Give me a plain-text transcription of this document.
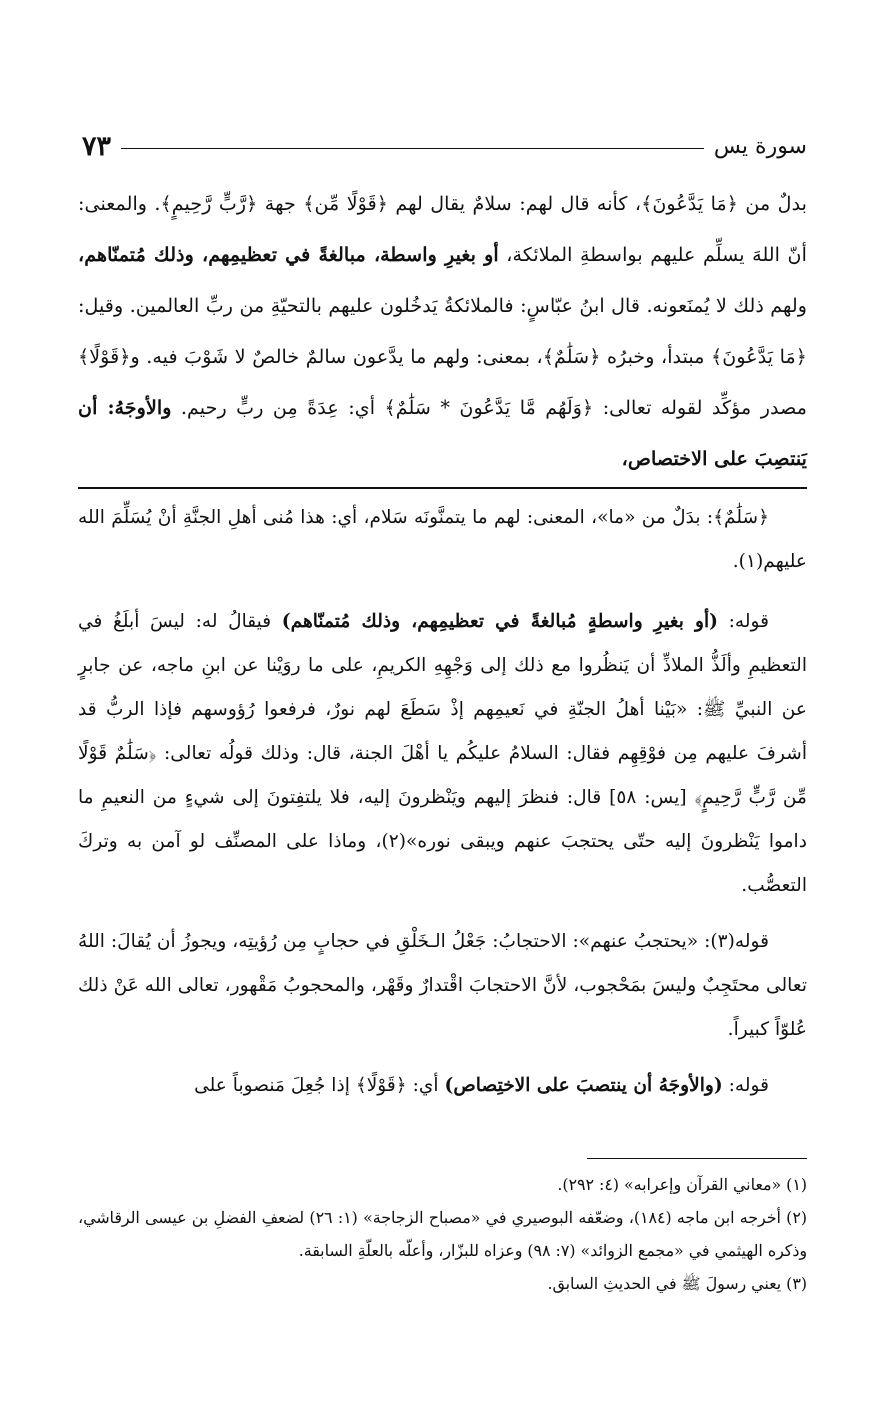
سورة يس
٧٣
بدلٌ من ﴿مَا يَدَّعُونَ﴾، كأنه قال لهم: سلامٌ يقال لهم ﴿قَوْلًا مِّن﴾ جهة ﴿رَّبٍّ رَّحِيمٍ﴾. والمعنى: أنّ اللهَ يسلِّم عليهم بواسطةِ الملائكة، أو بغيرِ واسطة، مبالغةً في تعظيمِهم، وذلك مُتمنّاهم، ولهم ذلك لا يُمنَعونه. قال ابنُ عبّاسٍ: فالملائكةُ يَدخُلون عليهم بالتحيّةِ من ربِّ العالمين. وقيل: ﴿مَا يَدَّعُونَ﴾ مبتدأ، وخبرُه ﴿سَلَٰمٌ﴾، بمعنى: ولهم ما يدَّعون سالمٌ خالصٌ لا شَوْبَ فيه. و﴿قَوْلًا﴾ مصدر مؤكِّد لقوله تعالى: ﴿وَلَهُم مَّا يَدَّعُونَ * سَلَٰمٌ﴾ أي: عِدَةً مِن ربٍّ رحيم. والأوجَهُ: أن يَنتصِبَ على الاختصاص،

﴿سَلَٰمٌ﴾: بدَلٌ من «ما»، المعنى: لهم ما يتمنَّونَه سَلام، أي: هذا مُنى أهلِ الجنَّةِ أنْ يُسَلِّمَ الله عليهم(١).

قوله: (أو بغيرِ واسطةٍ مُبالغةً في تعظيمِهم، وذلك مُتمنّاهم) فيقالُ له: ليسَ أبلَغُ في التعظيمِ وألَذُّ الملاذِّ أن يَنظُروا مع ذلك إلى وَجْهِهِ الكريمِ، على ما روَيْنا عن ابنِ ماجه، عن جابرٍ عن النبيِّ ﷺ: «بَيْنا أهلُ الجنّةِ في نَعيمِهم إذْ سَطَعَ لهم نورٌ، فرفعوا رُؤوسهم فإذا الربُّ قد أشرفَ عليهم مِن فوْقِهِم فقال: السلامُ عليكُم يا أهْلَ الجنة، قال: وذلك قولُه تعالى: ﴿سَلَٰمٌ قَوْلًا مِّن رَّبٍّ رَّحِيمٍ﴾ [يس: ٥٨] قال: فنظرَ إليهم ويَنْظرونَ إليه، فلا يلتفِتونَ إلى شيءٍ من النعيمِ ما داموا يَنْظرونَ إليه حتّى يحتجبَ عنهم ويبقى نوره»(٢)، وماذا على المصنِّف لو آمن به وتركَ التعصُّب.

قوله(٣): «يحتجبُ عنهم»: الاحتجابُ: جَعْلُ الـخَلْقِ في حجابٍ مِن رُؤيتِه، ويجوزُ أن يُقالَ: اللهُ تعالى محتَجِبٌ وليسَ بمَحْجوب، لأنَّ الاحتجابَ اقْتدارٌ وقَهْر، والمحجوبُ مَقْهور، تعالى الله عَنْ ذلك عُلوّاً كبيراً.

قوله: (والأوجَهُ أن ينتصبَ على الاختِصاص) أي: ﴿قَوْلًا﴾ إذا جُعِلَ مَنصوباً على

(١) «معاني القرآن وإعرابه» (٤: ٢٩٢).

(٢) أخرجه ابن ماجه (١٨٤)، وضعّفه البوصيري في «مصباح الزجاجة» (١: ٢٦) لضعفِ الفضلِ بن عيسى الرقاشي، وذكره الهيثمي في «مجمع الزوائد» (٧: ٩٨) وعزاه للبزّار، وأعلّه بالعلّةِ السابقة.

(٣) يعني رسولَ ﷺ في الحديثِ السابق.
